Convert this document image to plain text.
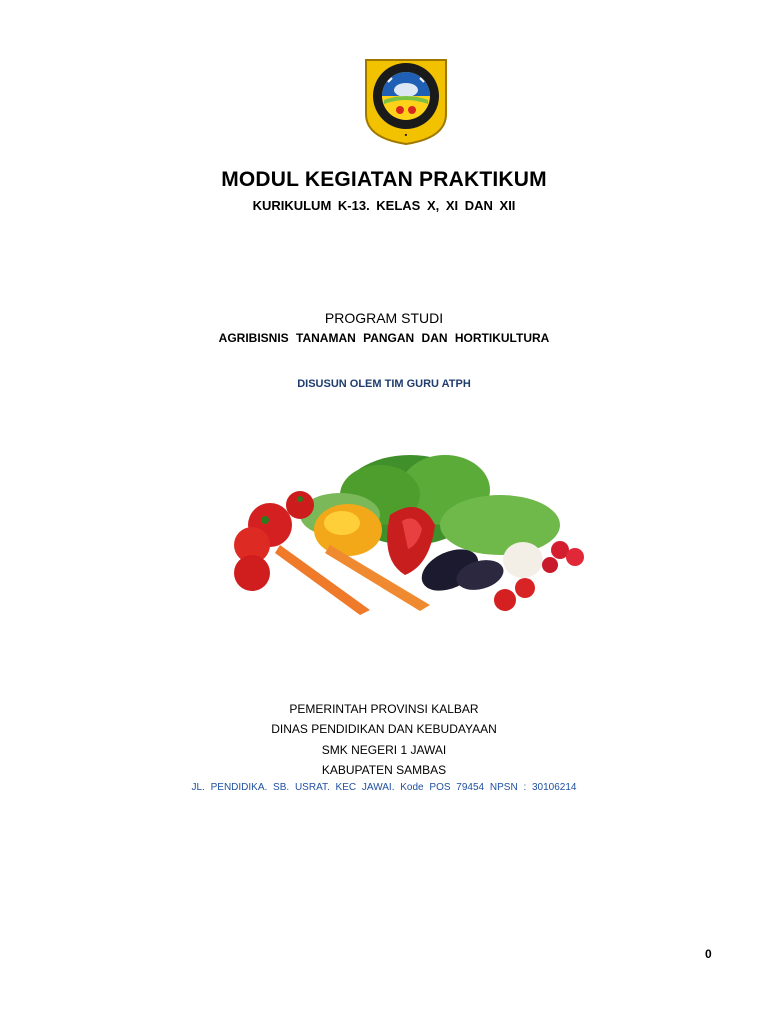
■
MODUL KEGIATAN PRAKTIKUM
KURIKULUM K-13. KELAS X, XI DAN XII
PROGRAM STUDI
AGRIBISNIS TANAMAN PANGAN DAN HORTIKULTURA
DISUSUN OLEM TIM GURU ATPH
PEMERINTAH PROVINSI KALBAR
DINAS PENDIDIKAN DAN KEBUDAYAAN
SMK NEGERI 1 JAWAI
KABUPATEN SAMBAS
JL. PENDIDIKA. SB. USRAT. KEC JAWAI. Kode POS 79454 NPSN : 30106214
0
